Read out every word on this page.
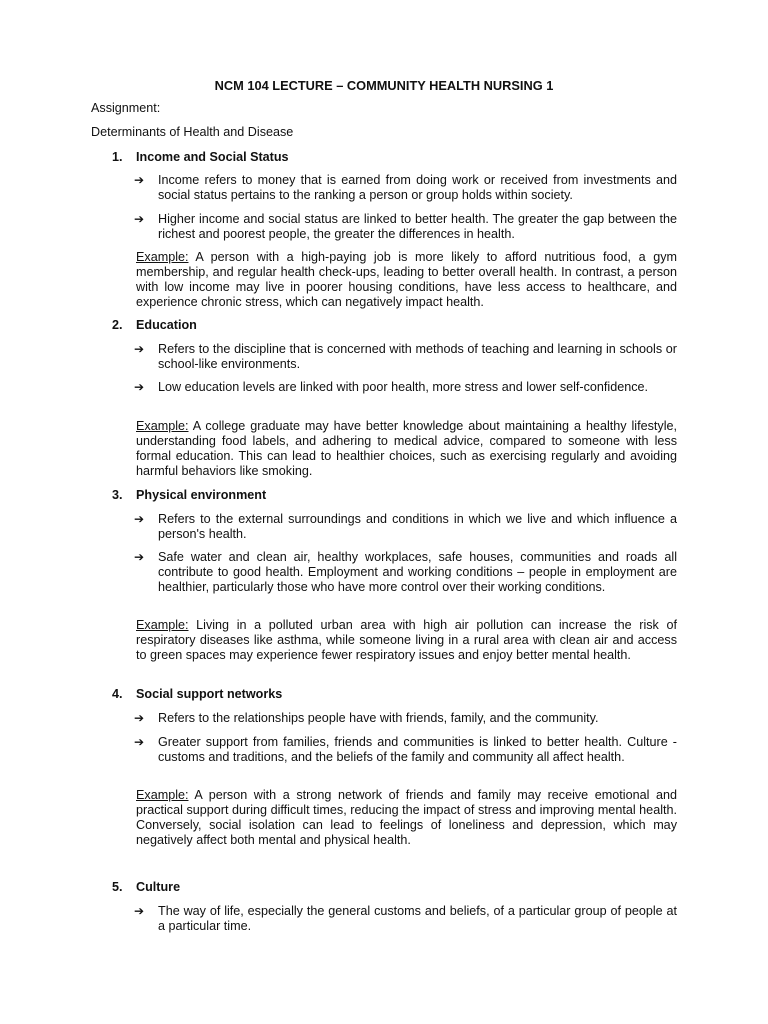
NCM 104 LECTURE – COMMUNITY HEALTH NURSING 1
Assignment:
Determinants of Health and Disease
1. Income and Social Status
➔ Income refers to money that is earned from doing work or received from investments and social status pertains to the ranking a person or group holds within society.
➔ Higher income and social status are linked to better health. The greater the gap between the richest and poorest people, the greater the differences in health.
Example: A person with a high-paying job is more likely to afford nutritious food, a gym membership, and regular health check-ups, leading to better overall health. In contrast, a person with low income may live in poorer housing conditions, have less access to healthcare, and experience chronic stress, which can negatively impact health.
2. Education
➔ Refers to the discipline that is concerned with methods of teaching and learning in schools or school-like environments.
➔ Low education levels are linked with poor health, more stress and lower self-confidence.
Example: A college graduate may have better knowledge about maintaining a healthy lifestyle, understanding food labels, and adhering to medical advice, compared to someone with less formal education. This can lead to healthier choices, such as exercising regularly and avoiding harmful behaviors like smoking.
3. Physical environment
➔ Refers to the external surroundings and conditions in which we live and which influence a person's health.
➔ Safe water and clean air, healthy workplaces, safe houses, communities and roads all contribute to good health. Employment and working conditions – people in employment are healthier, particularly those who have more control over their working conditions.
Example: Living in a polluted urban area with high air pollution can increase the risk of respiratory diseases like asthma, while someone living in a rural area with clean air and access to green spaces may experience fewer respiratory issues and enjoy better mental health.
4. Social support networks
➔ Refers to the relationships people have with friends, family, and the community.
➔ Greater support from families, friends and communities is linked to better health. Culture - customs and traditions, and the beliefs of the family and community all affect health.
Example: A person with a strong network of friends and family may receive emotional and practical support during difficult times, reducing the impact of stress and improving mental health. Conversely, social isolation can lead to feelings of loneliness and depression, which may negatively affect both mental and physical health.
5. Culture
➔ The way of life, especially the general customs and beliefs, of a particular group of people at a particular time.
